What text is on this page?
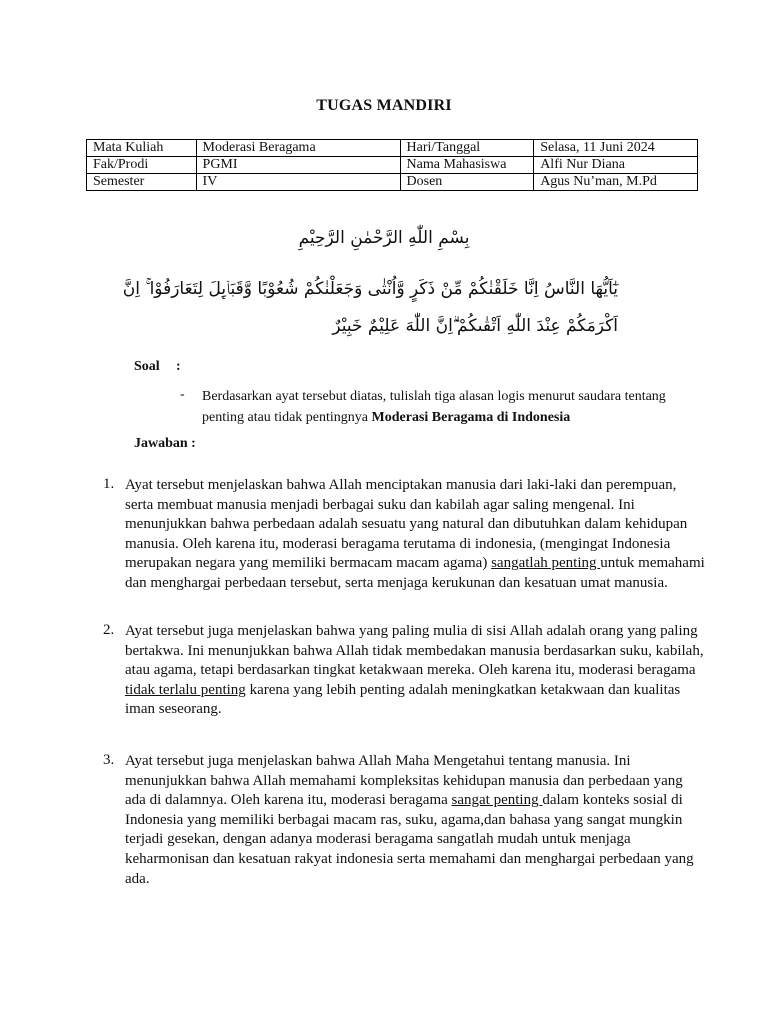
TUGAS MANDIRI
Mata Kuliah	Moderasi Beragama	Hari/Tanggal	Selasa, 11 Juni 2024
Fak/Prodi	PGMI	Nama Mahasiswa	Alfi Nur Diana
Semester	IV	Dosen	Agus Nu’man, M.Pd
بِسْمِ اللّٰهِ الرَّحْمٰنِ الرَّحِيْمِ
يٰٓاَيُّهَا النَّاسُ اِنَّا خَلَقْنٰكُمْ مِّنْ ذَكَرٍ وَّاُنْثٰى وَجَعَلْنٰكُمْ شُعُوْبًا وَّقَبَاۤىِٕلَ لِتَعَارَفُوْا ۚ اِنَّ
اَكْرَمَكُمْ عِنْدَ اللّٰهِ اَتْقٰىكُمْ ۗاِنَّ اللّٰهَ عَلِيْمٌ خَبِيْرٌ
Soal :
- Berdasarkan ayat tersebut diatas, tulislah tiga alasan logis menurut saudara tentang penting atau tidak pentingnya Moderasi Beragama di Indonesia
Jawaban :
1. Ayat tersebut menjelaskan bahwa Allah menciptakan manusia dari laki-laki dan perempuan, serta membuat manusia menjadi berbagai suku dan kabilah agar saling mengenal. Ini menunjukkan bahwa perbedaan adalah sesuatu yang natural dan dibutuhkan dalam kehidupan manusia. Oleh karena itu, moderasi beragama terutama di indonesia, (mengingat Indonesia merupakan negara yang memiliki bermacam macam agama) sangatlah penting untuk memahami dan menghargai perbedaan tersebut, serta menjaga kerukunan dan kesatuan umat manusia.
2. Ayat tersebut juga menjelaskan bahwa yang paling mulia di sisi Allah adalah orang yang paling bertakwa. Ini menunjukkan bahwa Allah tidak membedakan manusia berdasarkan suku, kabilah, atau agama, tetapi berdasarkan tingkat ketakwaan mereka. Oleh karena itu, moderasi beragama tidak terlalu penting karena yang lebih penting adalah meningkatkan ketakwaan dan kualitas iman seseorang.
3. Ayat tersebut juga menjelaskan bahwa Allah Maha Mengetahui tentang manusia. Ini menunjukkan bahwa Allah memahami kompleksitas kehidupan manusia dan perbedaan yang ada di dalamnya. Oleh karena itu, moderasi beragama sangat penting dalam konteks sosial di Indonesia yang memiliki berbagai macam ras, suku, agama,dan bahasa yang sangat mungkin terjadi gesekan, dengan adanya moderasi beragama sangatlah mudah untuk menjaga keharmonisan dan kesatuan rakyat indonesia serta memahami dan menghargai perbedaan yang ada.
